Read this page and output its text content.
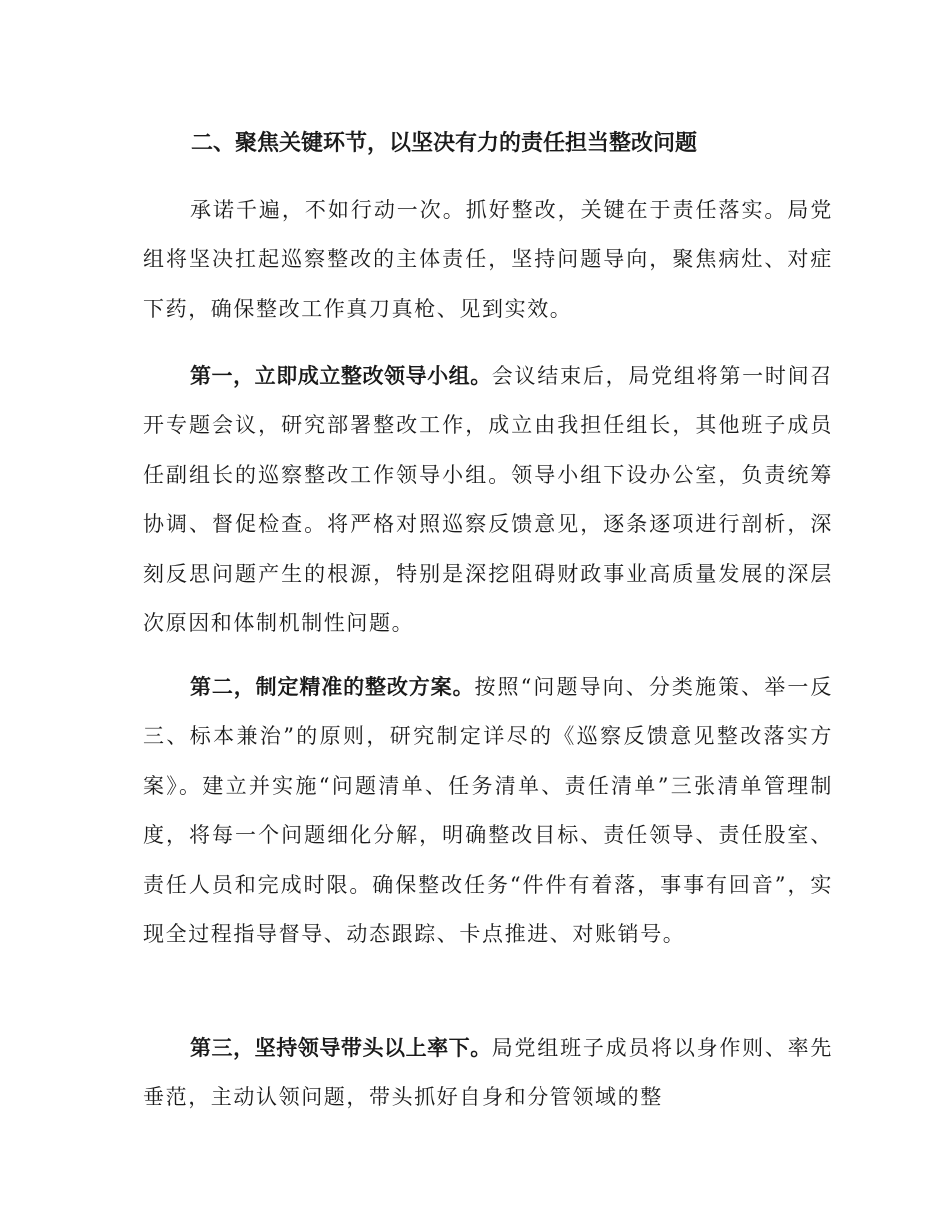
二、聚焦关键环节，以坚决有力的责任担当整改问题

承诺千遍，不如行动一次。抓好整改，关键在于责任落实。局党组将坚决扛起巡察整改的主体责任，坚持问题导向，聚焦病灶、对症下药，确保整改工作真刀真枪、见到实效。

第一，立即成立整改领导小组。会议结束后，局党组将第一时间召开专题会议，研究部署整改工作，成立由我担任组长，其他班子成员任副组长的巡察整改工作领导小组。领导小组下设办公室，负责统筹协调、督促检查。将严格对照巡察反馈意见，逐条逐项进行剖析，深刻反思问题产生的根源，特别是深挖阻碍财政事业高质量发展的深层次原因和体制机制性问题。

第二，制定精准的整改方案。按照“问题导向、分类施策、举一反三、标本兼治”的原则，研究制定详尽的《巡察反馈意见整改落实方案》。建立并实施“问题清单、任务清单、责任清单”三张清单管理制度，将每一个问题细化分解，明确整改目标、责任领导、责任股室、责任人员和完成时限。确保整改任务“件件有着落，事事有回音”，实现全过程指导督导、动态跟踪、卡点推进、对账销号。

第三，坚持领导带头以上率下。局党组班子成员将以身作则、率先垂范，主动认领问题，带头抓好自身和分管领域的整
